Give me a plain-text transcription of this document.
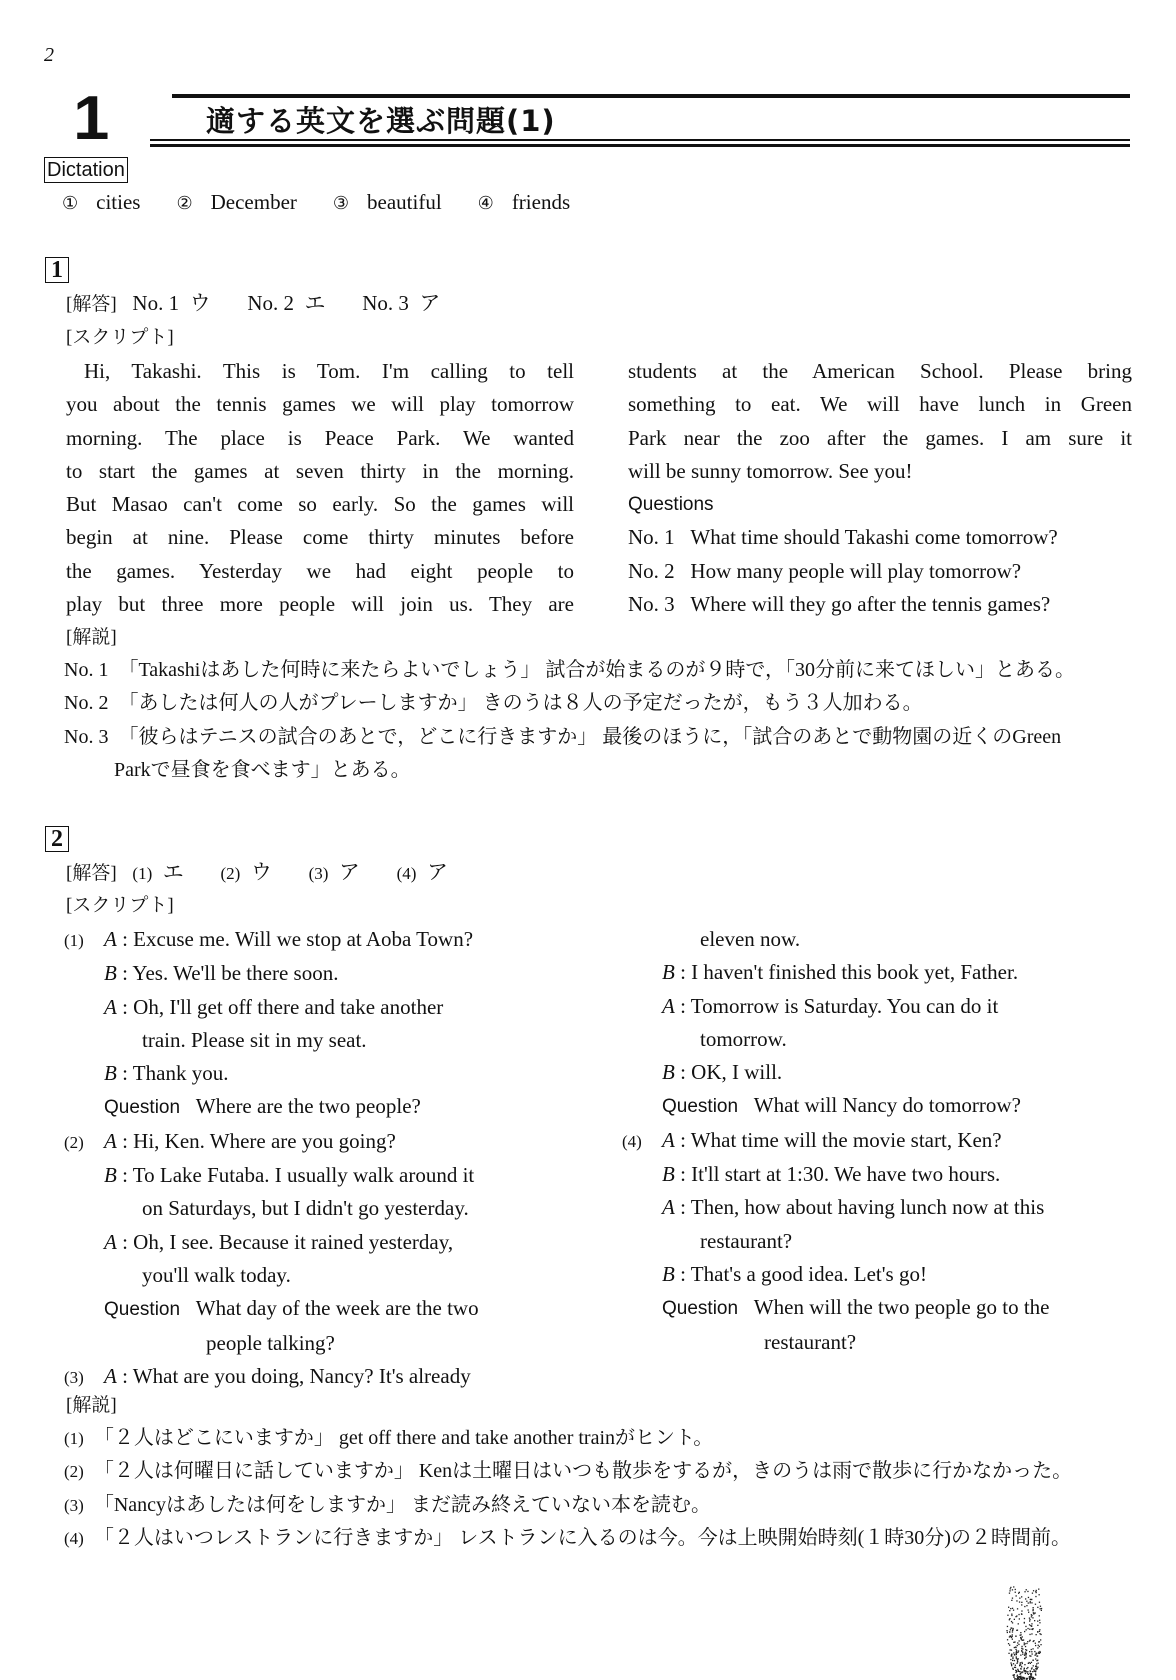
2
1	適する英文を選ぶ問題(1)
Dictation
① cities ② December ③ beautiful ④ friends
1
[解答] No. 1 ウ No. 2 エ No. 3 ア
[スクリプト]
Hi, Takashi. This is Tom. I'm calling to tell
you about the tennis games we will play tomorrow
morning. The place is Peace Park. We wanted
to start the games at seven thirty in the morning.
But Masao can't come so early. So the games will
begin at nine. Please come thirty minutes before
the games. Yesterday we had eight people to
play but three more people will join us. They are
students at the American School. Please bring
something to eat. We will have lunch in Green
Park near the zoo after the games. I am sure it
will be sunny tomorrow. See you!
Questions
No. 1 What time should Takashi come tomorrow?
No. 2 How many people will play tomorrow?
No. 3 Where will they go after the tennis games?
[解説]
No. 1 「Takashiはあした何時に来たらよいでしょう」 試合が始まるのが９時で，「30分前に来てほしい」とある。
No. 2 「あしたは何人の人がプレーしますか」 きのうは８人の予定だったが，もう３人加わる。
No. 3 「彼らはテニスの試合のあとで，どこに行きますか」 最後のほうに，「試合のあとで動物園の近くのGreen
Parkで昼食を食べます」とある。
2
[解答] (1) エ (2) ウ (3) ア (4) ア
[スクリプト]
(1) A : Excuse me. Will we stop at Aoba Town?
B : Yes. We'll be there soon.
A : Oh, I'll get off there and take another
train. Please sit in my seat.
B : Thank you.
Question Where are the two people?
(2) A : Hi, Ken. Where are you going?
B : To Lake Futaba. I usually walk around it
on Saturdays, but I didn't go yesterday.
A : Oh, I see. Because it rained yesterday,
you'll walk today.
Question What day of the week are the two
people talking?
(3) A : What are you doing, Nancy? It's already
eleven now.
B : I haven't finished this book yet, Father.
A : Tomorrow is Saturday. You can do it
tomorrow.
B : OK, I will.
Question What will Nancy do tomorrow?
(4) A : What time will the movie start, Ken?
B : It'll start at 1:30. We have two hours.
A : Then, how about having lunch now at this
restaurant?
B : That's a good idea. Let's go!
Question When will the two people go to the
restaurant?
[解説]
(1) 「２人はどこにいますか」 get off there and take another trainがヒント。
(2) 「２人は何曜日に話していますか」 Kenは土曜日はいつも散歩をするが，きのうは雨で散歩に行かなかった。
(3) 「Nancyはあしたは何をしますか」 まだ読み終えていない本を読む。
(4) 「２人はいつレストランに行きますか」 レストランに入るのは今。今は上映開始時刻(１時30分)の２時間前。
